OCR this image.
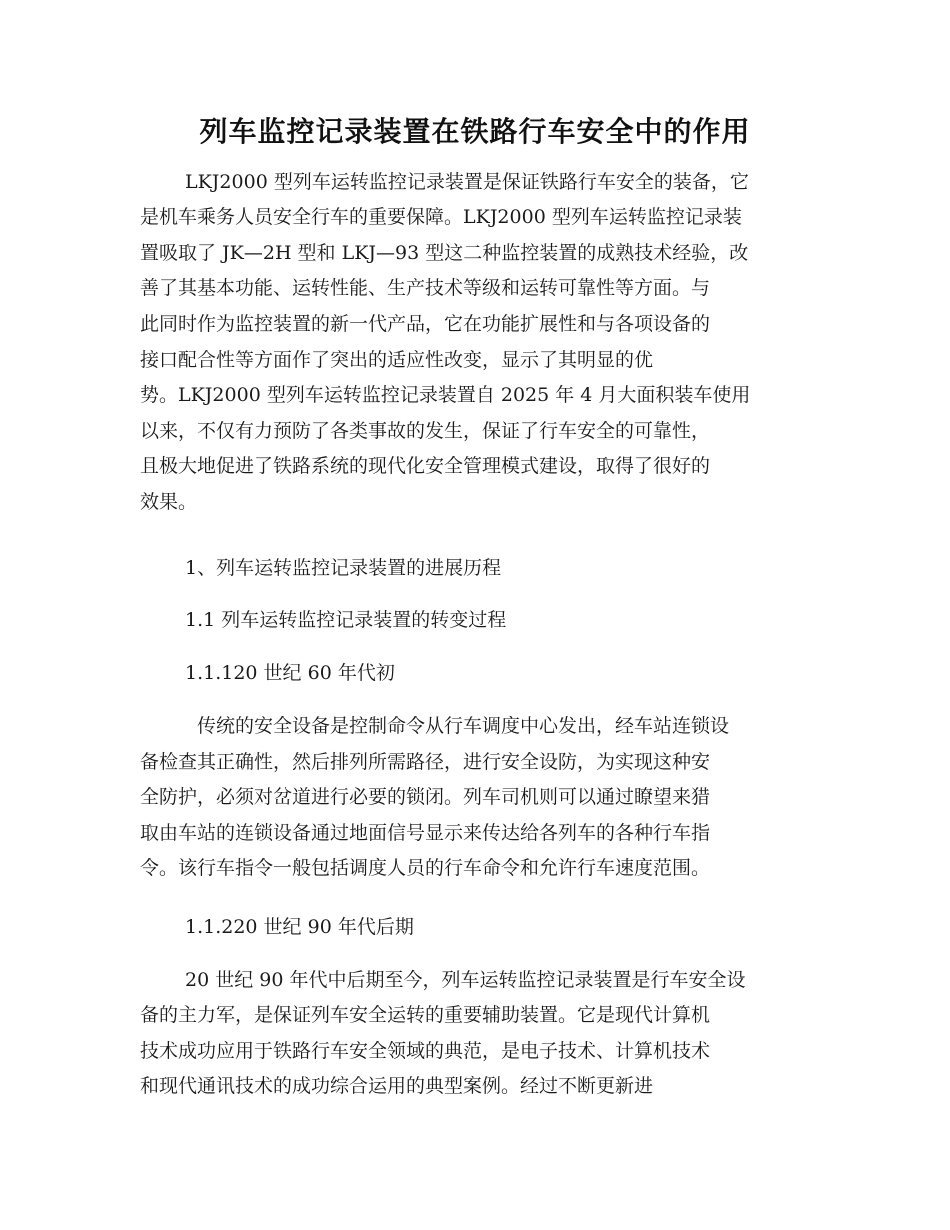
列车监控记录装置在铁路行车安全中的作用
LKJ2000 型列车运转监控记录装置是保证铁路行车安全的装备，它
是机车乘务人员安全行车的重要保障。LKJ2000 型列车运转监控记录装
置吸取了 JK—2H 型和 LKJ—93 型这二种监控装置的成熟技术经验，改
善了其基本功能、运转性能、生产技术等级和运转可靠性等方面。与
此同时作为监控装置的新一代产品，它在功能扩展性和与各项设备的
接口配合性等方面作了突出的适应性改变，显示了其明显的优
势。LKJ2000 型列车运转监控记录装置自 2025 年 4 月大面积装车使用
以来，不仅有力预防了各类事故的发生，保证了行车安全的可靠性，
且极大地促进了铁路系统的现代化安全管理模式建设，取得了很好的
效果。
1、列车运转监控记录装置的进展历程
1.1 列车运转监控记录装置的转变过程
1.1.120 世纪 60 年代初
传统的安全设备是控制命令从行车调度中心发出，经车站连锁设
备检查其正确性，然后排列所需路径，进行安全设防，为实现这种安
全防护，必须对岔道进行必要的锁闭。列车司机则可以通过瞭望来猎
取由车站的连锁设备通过地面信号显示来传达给各列车的各种行车指
令。该行车指令一般包括调度人员的行车命令和允许行车速度范围。
1.1.220 世纪 90 年代后期
20 世纪 90 年代中后期至今，列车运转监控记录装置是行车安全设
备的主力军，是保证列车安全运转的重要辅助装置。它是现代计算机
技术成功应用于铁路行车安全领域的典范，是电子技术、计算机技术
和现代通讯技术的成功综合运用的典型案例。经过不断更新进
